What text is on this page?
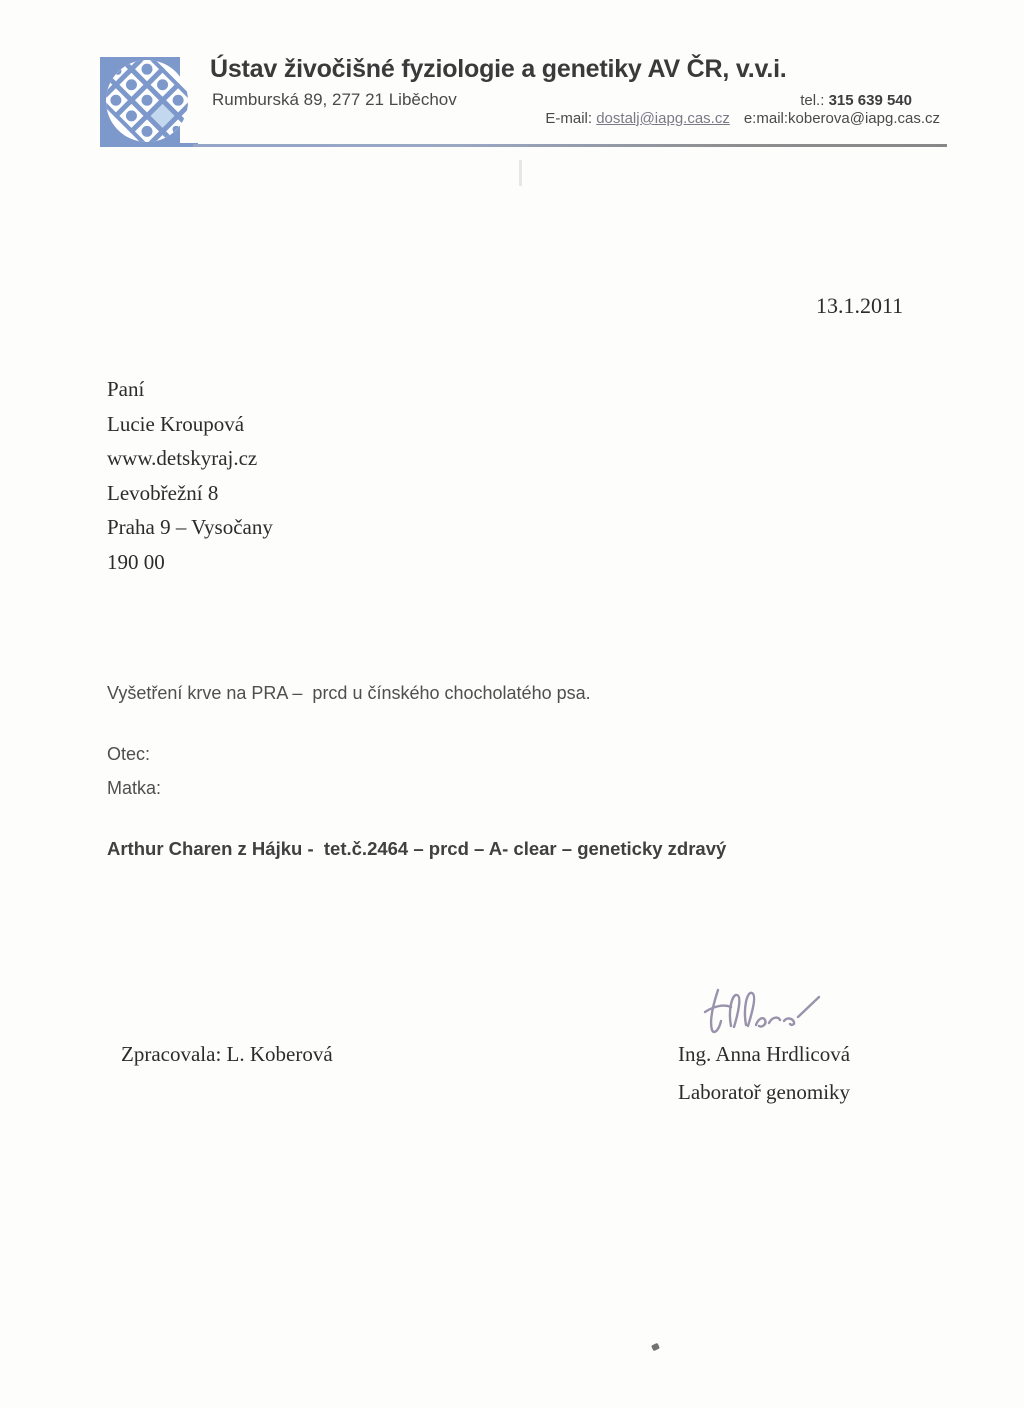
Ústav živočišné fyziologie a genetiky AV ČR, v.v.i.
Rumburská 89, 277 21 Liběchov	tel.: 315 639 540
E-mail: dostalj@iapg.cas.cz e:mail:koberova@iapg.cas.cz
13.1.2011
Paní
Lucie Kroupová
www.detskyraj.cz
Levobřežní 8
Praha 9 – Vysočany
190 00
Vyšetření krve na PRA –  prcd u čínského chocholatého psa.
Otec:
Matka:
Arthur Charen z Hájku -  tet.č.2464 – prcd – A- clear – geneticky zdravý
Ing. Anna Hrdlicová
Laboratoř genomiky
Zpracovala: L. Koberová
